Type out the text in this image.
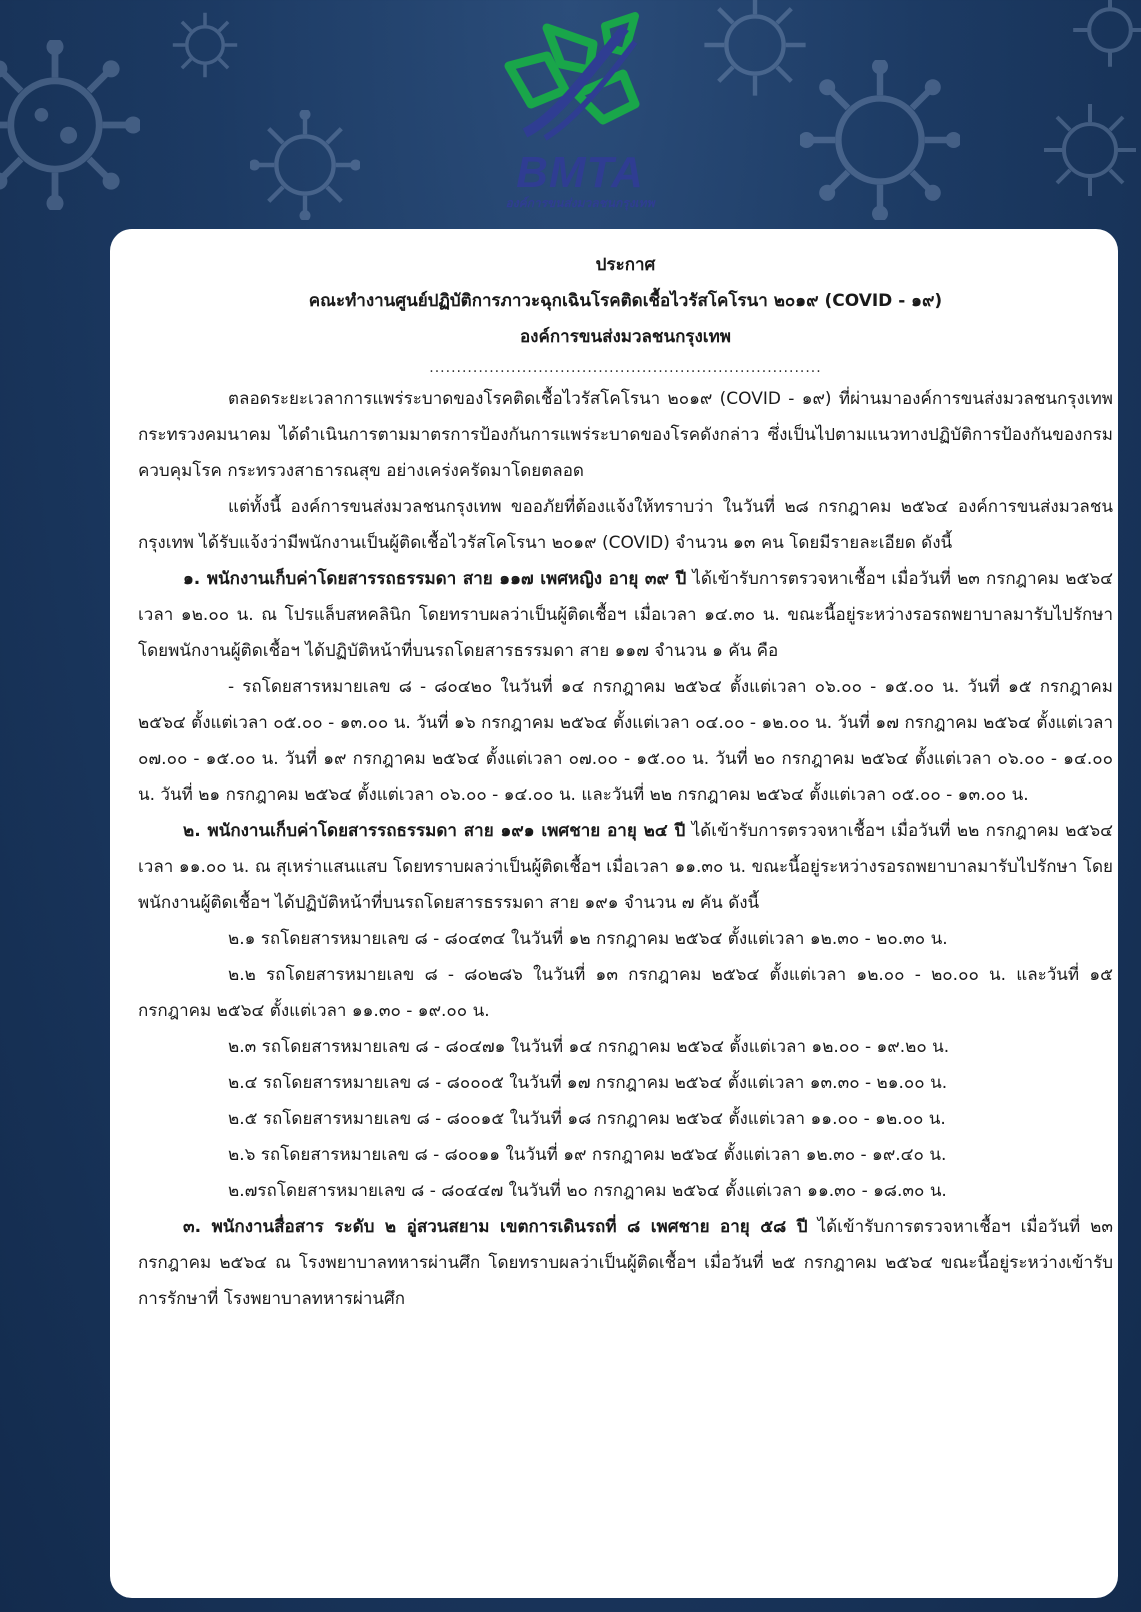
BMTA
องค์การขนส่งมวลชนกรุงเทพ
ประกาศ
คณะทำงานศูนย์ปฏิบัติการภาวะฉุกเฉินโรคติดเชื้อไวรัสโคโรนา ๒๐๑๙ (COVID - ๑๙)
องค์การขนส่งมวลชนกรุงเทพ
........................................................................

ตลอดระยะเวลาการแพร่ระบาดของโรคติดเชื้อไวรัสโคโรนา ๒๐๑๙ (COVID - ๑๙) ที่ผ่านมาองค์การขนส่งมวลชนกรุงเทพ กระทรวงคมนาคม ได้ดำเนินการตามมาตรการป้องกันการแพร่ระบาดของโรคดังกล่าว ซึ่งเป็นไปตามแนวทางปฏิบัติการป้องกันของกรมควบคุมโรค กระทรวงสาธารณสุข อย่างเคร่งครัดมาโดยตลอด

แต่ทั้งนี้ องค์การขนส่งมวลชนกรุงเทพ ขออภัยที่ต้องแจ้งให้ทราบว่า ในวันที่ ๒๘ กรกฎาคม ๒๕๖๔ องค์การขนส่งมวลชนกรุงเทพ ได้รับแจ้งว่ามีพนักงานเป็นผู้ติดเชื้อไวรัสโคโรนา ๒๐๑๙ (COVID) จำนวน ๑๓ คน โดยมีรายละเอียด ดังนี้

๑. พนักงานเก็บค่าโดยสารรถธรรมดา สาย ๑๑๗ เพศหญิง อายุ ๓๙ ปี ได้เข้ารับการตรวจหาเชื้อฯ เมื่อวันที่ ๒๓ กรกฎาคม ๒๕๖๔ เวลา ๑๒.๐๐ น. ณ โปรแล็บสหคลินิก โดยทราบผลว่าเป็นผู้ติดเชื้อฯ เมื่อเวลา ๑๔.๓๐ น. ขณะนี้อยู่ระหว่างรอรถพยาบาลมารับไปรักษา โดยพนักงานผู้ติดเชื้อฯ ได้ปฏิบัติหน้าที่บนรถโดยสารธรรมดา สาย ๑๑๗ จำนวน ๑ คัน คือ

- รถโดยสารหมายเลข ๘ - ๘๐๔๒๐ ในวันที่ ๑๔ กรกฎาคม ๒๕๖๔ ตั้งแต่เวลา ๐๖.๐๐ - ๑๕.๐๐ น. วันที่ ๑๕ กรกฎาคม ๒๕๖๔ ตั้งแต่เวลา ๐๕.๐๐ - ๑๓.๐๐ น. วันที่ ๑๖ กรกฎาคม ๒๕๖๔ ตั้งแต่เวลา ๐๔.๐๐ - ๑๒.๐๐ น. วันที่ ๑๗ กรกฎาคม ๒๕๖๔ ตั้งแต่เวลา ๐๗.๐๐ - ๑๕.๐๐ น. วันที่ ๑๙ กรกฎาคม ๒๕๖๔ ตั้งแต่เวลา ๐๗.๐๐ - ๑๕.๐๐ น. วันที่ ๒๐ กรกฎาคม ๒๕๖๔ ตั้งแต่เวลา ๐๖.๐๐ - ๑๔.๐๐ น. วันที่ ๒๑ กรกฎาคม ๒๕๖๔ ตั้งแต่เวลา ๐๖.๐๐ - ๑๔.๐๐ น. และวันที่ ๒๒ กรกฎาคม ๒๕๖๔ ตั้งแต่เวลา ๐๕.๐๐ - ๑๓.๐๐ น.

๒. พนักงานเก็บค่าโดยสารรถธรรมดา สาย ๑๙๑ เพศชาย อายุ ๒๔ ปี ได้เข้ารับการตรวจหาเชื้อฯ เมื่อวันที่ ๒๒ กรกฎาคม ๒๕๖๔ เวลา ๑๑.๐๐ น. ณ สุเหร่าแสนแสบ โดยทราบผลว่าเป็นผู้ติดเชื้อฯ เมื่อเวลา ๑๑.๓๐ น. ขณะนี้อยู่ระหว่างรอรถพยาบาลมารับไปรักษา โดยพนักงานผู้ติดเชื้อฯ ได้ปฏิบัติหน้าที่บนรถโดยสารธรรมดา สาย ๑๙๑ จำนวน ๗ คัน ดังนี้

๒.๑ รถโดยสารหมายเลข ๘ - ๘๐๔๓๔ ในวันที่ ๑๒ กรกฎาคม ๒๕๖๔ ตั้งแต่เวลา ๑๒.๓๐ - ๒๐.๓๐ น.

๒.๒ รถโดยสารหมายเลข ๘ - ๘๐๒๘๖ ในวันที่ ๑๓ กรกฎาคม ๒๕๖๔ ตั้งแต่เวลา ๑๒.๐๐ - ๒๐.๐๐ น. และวันที่ ๑๕ กรกฎาคม ๒๕๖๔ ตั้งแต่เวลา ๑๑.๓๐ - ๑๙.๐๐ น.

๒.๓ รถโดยสารหมายเลข ๘ - ๘๐๔๗๑ ในวันที่ ๑๔ กรกฎาคม ๒๕๖๔ ตั้งแต่เวลา ๑๒.๐๐ - ๑๙.๒๐ น.

๒.๔ รถโดยสารหมายเลข ๘ - ๘๐๐๐๕ ในวันที่ ๑๗ กรกฎาคม ๒๕๖๔ ตั้งแต่เวลา ๑๓.๓๐ - ๒๑.๐๐ น.

๒.๕ รถโดยสารหมายเลข ๘ - ๘๐๐๑๕ ในวันที่ ๑๘ กรกฎาคม ๒๕๖๔ ตั้งแต่เวลา ๑๑.๐๐ - ๑๒.๐๐ น.

๒.๖ รถโดยสารหมายเลข ๘ - ๘๐๐๑๑ ในวันที่ ๑๙ กรกฎาคม ๒๕๖๔ ตั้งแต่เวลา ๑๒.๓๐ - ๑๙.๔๐ น.

๒.๗รถโดยสารหมายเลข ๘ - ๘๐๔๔๗ ในวันที่ ๒๐ กรกฎาคม ๒๕๖๔ ตั้งแต่เวลา ๑๑.๓๐ - ๑๘.๓๐ น.

๓. พนักงานสื่อสาร ระดับ ๒ อู่สวนสยาม เขตการเดินรถที่ ๘ เพศชาย อายุ ๕๘ ปี ได้เข้ารับการตรวจหาเชื้อฯ เมื่อวันที่ ๒๓ กรกฎาคม ๒๕๖๔ ณ โรงพยาบาลทหารผ่านศึก โดยทราบผลว่าเป็นผู้ติดเชื้อฯ เมื่อวันที่ ๒๕ กรกฎาคม ๒๕๖๔ ขณะนี้อยู่ระหว่างเข้ารับการรักษาที่ โรงพยาบาลทหารผ่านศึก
